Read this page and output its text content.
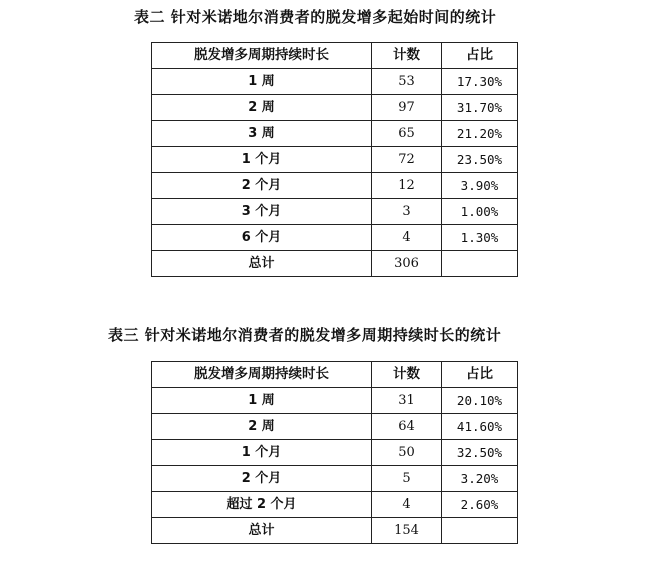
表二 针对米诺地尔消费者的脱发增多起始时间的统计
脱发增多周期持续时长	计数	占比
1 周	53	17.30%
2 周	97	31.70%
3 周	65	21.20%
1 个月	72	23.50%
2 个月	12	3.90%
3 个月	3	1.00%
6 个月	4	1.30%
总计	306	
表三 针对米诺地尔消费者的脱发增多周期持续时长的统计
脱发增多周期持续时长	计数	占比
1 周	31	20.10%
2 周	64	41.60%
1 个月	50	32.50%
2 个月	5	3.20%
超过 2 个月	4	2.60%
总计	154	
